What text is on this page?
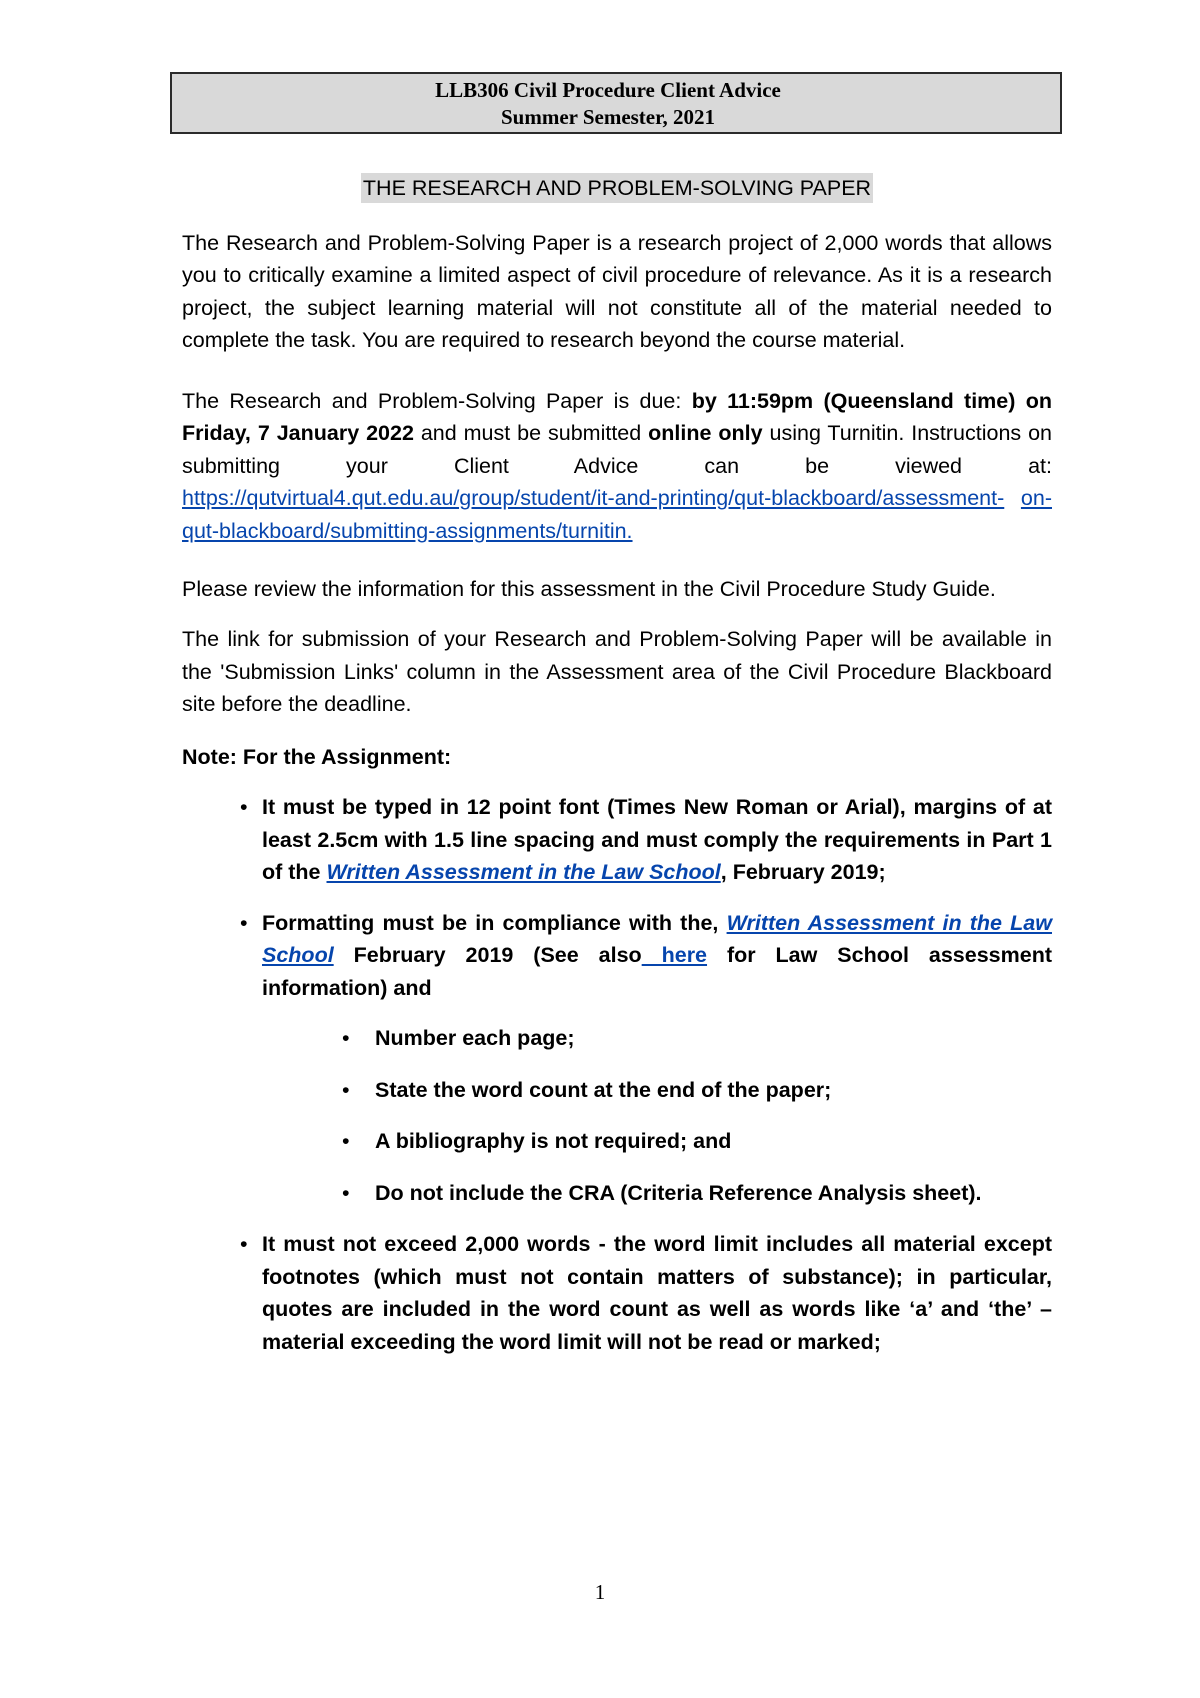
LLB306 Civil Procedure Client Advice
Summer Semester, 2021
THE RESEARCH AND PROBLEM-SOLVING PAPER

The Research and Problem-Solving Paper is a research project of 2,000 words that allows you to critically examine a limited aspect of civil procedure of relevance. As it is a research project, the subject learning material will not constitute all of the material needed to complete the task. You are required to research beyond the course material.

The Research and Problem-Solving Paper is due: by 11:59pm (Queensland time) on Friday, 7 January 2022 and must be submitted online only using Turnitin. Instructions on submitting your Client Advice can be viewed at: https://qutvirtual4.qut.edu.au/group/student/it-and-printing/qut-blackboard/assessment- on-qut-blackboard/submitting-assignments/turnitin.

Please review the information for this assessment in the Civil Procedure Study Guide.

The link for submission of your Research and Problem-Solving Paper will be available in the 'Submission Links' column in the Assessment area of the Civil Procedure Blackboard site before the deadline.

Note: For the Assignment:

• It must be typed in 12 point font (Times New Roman or Arial), margins of at least 2.5cm with 1.5 line spacing and must comply the requirements in Part 1 of the Written Assessment in the Law School, February 2019;
• Formatting must be in compliance with the, Written Assessment in the Law School February 2019 (See also here for Law School assessment information) and
• Number each page;
• State the word count at the end of the paper;
• A bibliography is not required; and
• Do not include the CRA (Criteria Reference Analysis sheet).
• It must not exceed 2,000 words - the word limit includes all material except footnotes (which must not contain matters of substance); in particular, quotes are included in the word count as well as words like ‘a’ and ‘the’ – material exceeding the word limit will not be read or marked;
1
